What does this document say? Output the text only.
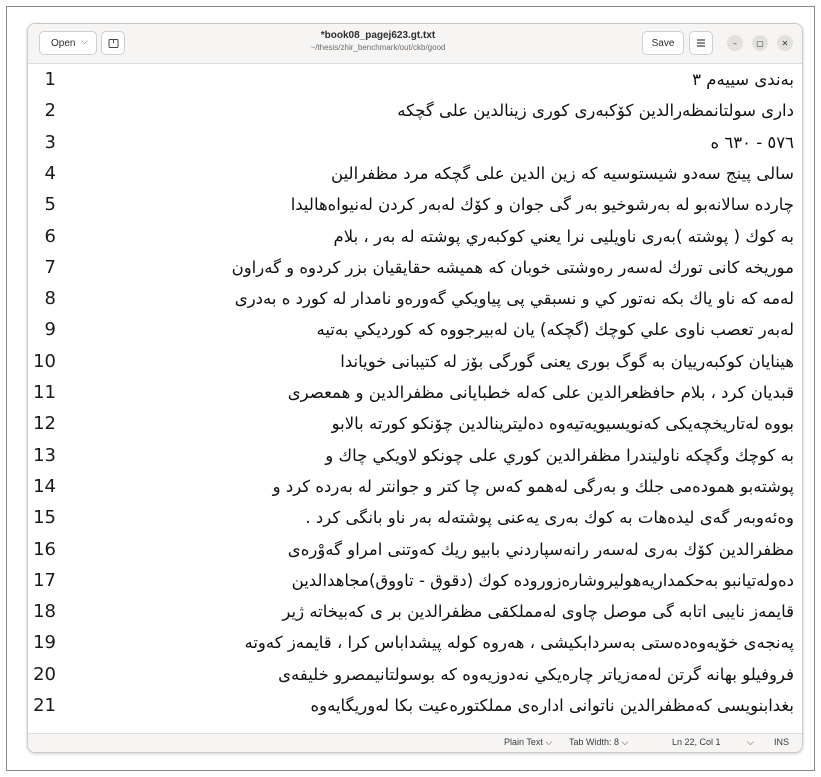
Open ⌵	*book08_pagej623.gt.txt
~/thesis/zhir_benchmark/out/ckb/good	Save	– ▢ ✕
1	بەندی سییەم ٣
2	داری سولتانمظەرالدین کۆکبەری کوری زینالدین علی گچکە
3	٥٧٦ - ٦٣٠ ە
4	سالی پینج سەدو شیستوسیە کە زین الدین علی گچکە مرد مظفرالین
5	چاردە سالانەبو لە بەرشوخیو بەر گی جوان و کۆك لەبەر کردن لەنیواەهالیدا
6	بە کوك ( پوشتە )بەری ناویلیی نرا یعني کوکبەري پوشتە لە بەر ، بلام
7	موریخە کانی تورك لەسەر رەوشتی خوبان کە همیشە حقایقیان بزر کردوە و گەراون
8	لەمە کە ناو یاك بکە نەتور کي و نسبقي پی پیاویکي گەورەو نامدار لە کورد ە بەدری
9	لەبەر تعصب ناوی علي کوچك (گچکە) یان لەبیرجووە کە کوردیکي بەتیە
10	هینایان کوکبەرییان بە گوگ بوری یعنی گورگی بۆز لە کتیبانی خویاندا
11	قبدیان کرد ، بلام حافظعرالدین علی کەلە خطبایانی مظفرالدین و همعصری
12	بووە لەتاریخچەیکی کەنویسیویەتیەوە دەلیترینالدین چۆنکو کورتە بالابو
13	بە کوچك وگچکە ناولیندرا مظفرالدین کوري علی چونکو لاویکي چاك و
14	پوشتەبو همودەمی جلك و بەرگی لەهمو کەس چا کتر و جوانتر لە بەردە کرد و
15	وەئەوبەر گەی لیدەهات بە کوك بەری یەعنی پوشتەلە بەر ناو بانگی کرد .
16	مظفرالدین کۆك بەری لەسەر رانەسپاردني بابیو ریك کەوتنی امراو گەوْرەی
17	دەولەتیانبو بەحکمداریەهولیروشارەزورودە کوك (دقوق - تاووق)مجاهدالدین
18	قایمەز نایبی اتابە گی موصل چاوی لەمملکقی مظفرالدین بر ی کەبیخاتە ژیر
19	پەنجەی خۆیەوەدەستی بەسردابکیشی ، هەروە کولە پیشداباس کرا ، قایمەز کەوتە
20	فروفیلو بهانە گرتن لەمەزیاتر چارەیکي نەدوزیەوە کە بوسولتانیمصرو خلیفەی
21	بغدابنویسی کەمظفرالدین ناتوانی ادارەی مملکتورەعیت بکا لەوریگایەوە
Plain Text ⌵ Tab Width: 8 ⌵	Ln 22, Col 1	⌵ INS
